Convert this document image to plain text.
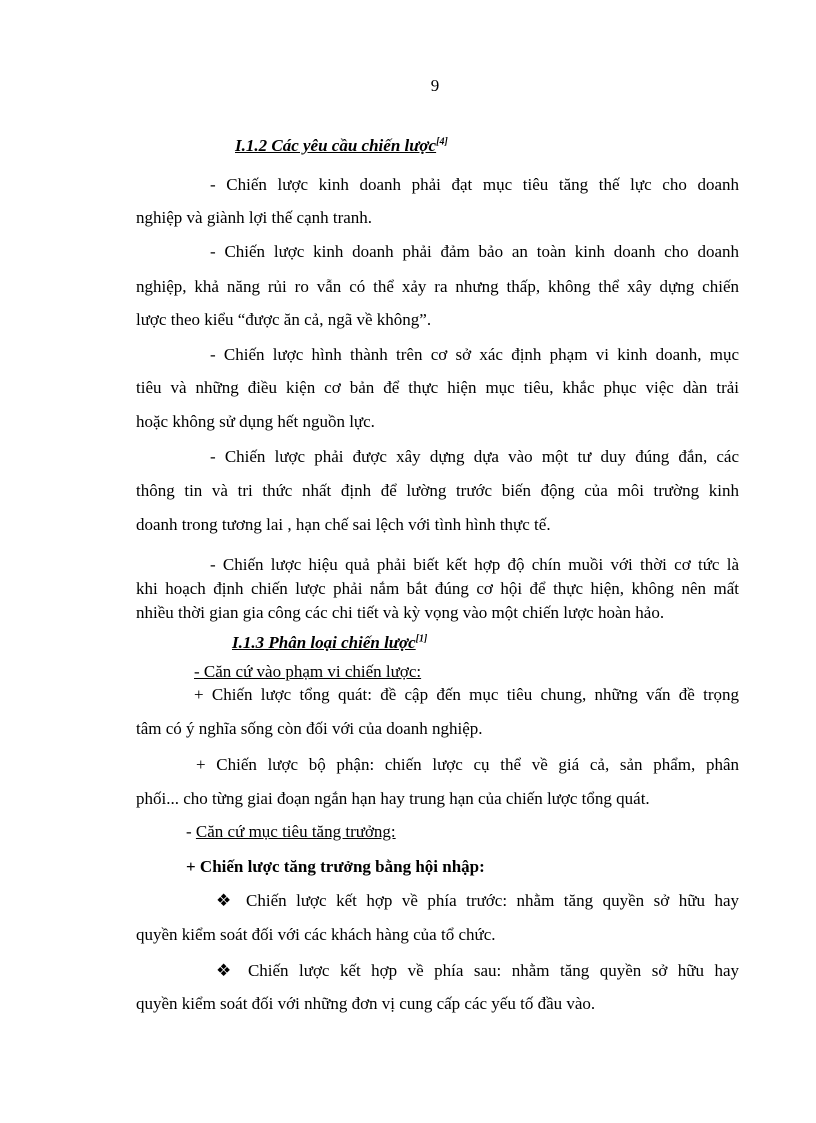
9
I.1.2 Các yêu cầu chiến lược[4]
- Chiến lược kinh doanh phải đạt mục tiêu tăng thế lực cho doanh
nghiệp và giành lợi thế cạnh tranh.
- Chiến lược kinh doanh phải đảm bảo an toàn kinh doanh cho doanh
nghiệp, khả năng rủi ro vẫn có thể xảy ra nhưng thấp, không thể xây dựng chiến
lược theo kiểu “được ăn cả, ngã về không”.
- Chiến lược hình thành trên cơ sở xác định phạm vi kinh doanh, mục
tiêu và những điều kiện cơ bản để thực hiện mục tiêu, khắc phục việc dàn trải
hoặc không sử dụng hết nguồn lực.
- Chiến lược phải được xây dựng dựa vào một tư duy đúng đắn, các
thông tin và tri thức nhất định để lường trước biến động của môi trường kinh
doanh trong tương lai , hạn chế sai lệch với tình hình thực tế.
- Chiến lược hiệu quả phải biết kết hợp độ chín muồi với thời cơ tức là
khi hoạch định chiến lược phải nắm bắt đúng cơ hội để thực hiện, không nên mất
nhiều thời gian gia công các chi tiết và kỳ vọng vào một chiến lược hoàn hảo.
I.1.3 Phân loại chiến lược[1]
- Căn cứ vào phạm vi chiến lược:
+ Chiến lược tổng quát: đề cập đến mục tiêu chung, những vấn đề trọng
tâm có ý nghĩa sống còn đối với của doanh nghiệp.
+ Chiến lược bộ phận: chiến lược cụ thể về giá cả, sản phẩm, phân
phối... cho từng giai đoạn ngắn hạn hay trung hạn của chiến lược tổng quát.
- Căn cứ mục tiêu tăng trưởng:
+ Chiến lược tăng trưởng bằng hội nhập:
❖ Chiến lược kết hợp về phía trước: nhằm tăng quyền sở hữu hay
quyền kiểm soát đối với các khách hàng của tổ chức.
❖ Chiến lược kết hợp về phía sau: nhằm tăng quyền sở hữu hay
quyền kiểm soát đối với những đơn vị cung cấp các yếu tố đầu vào.
